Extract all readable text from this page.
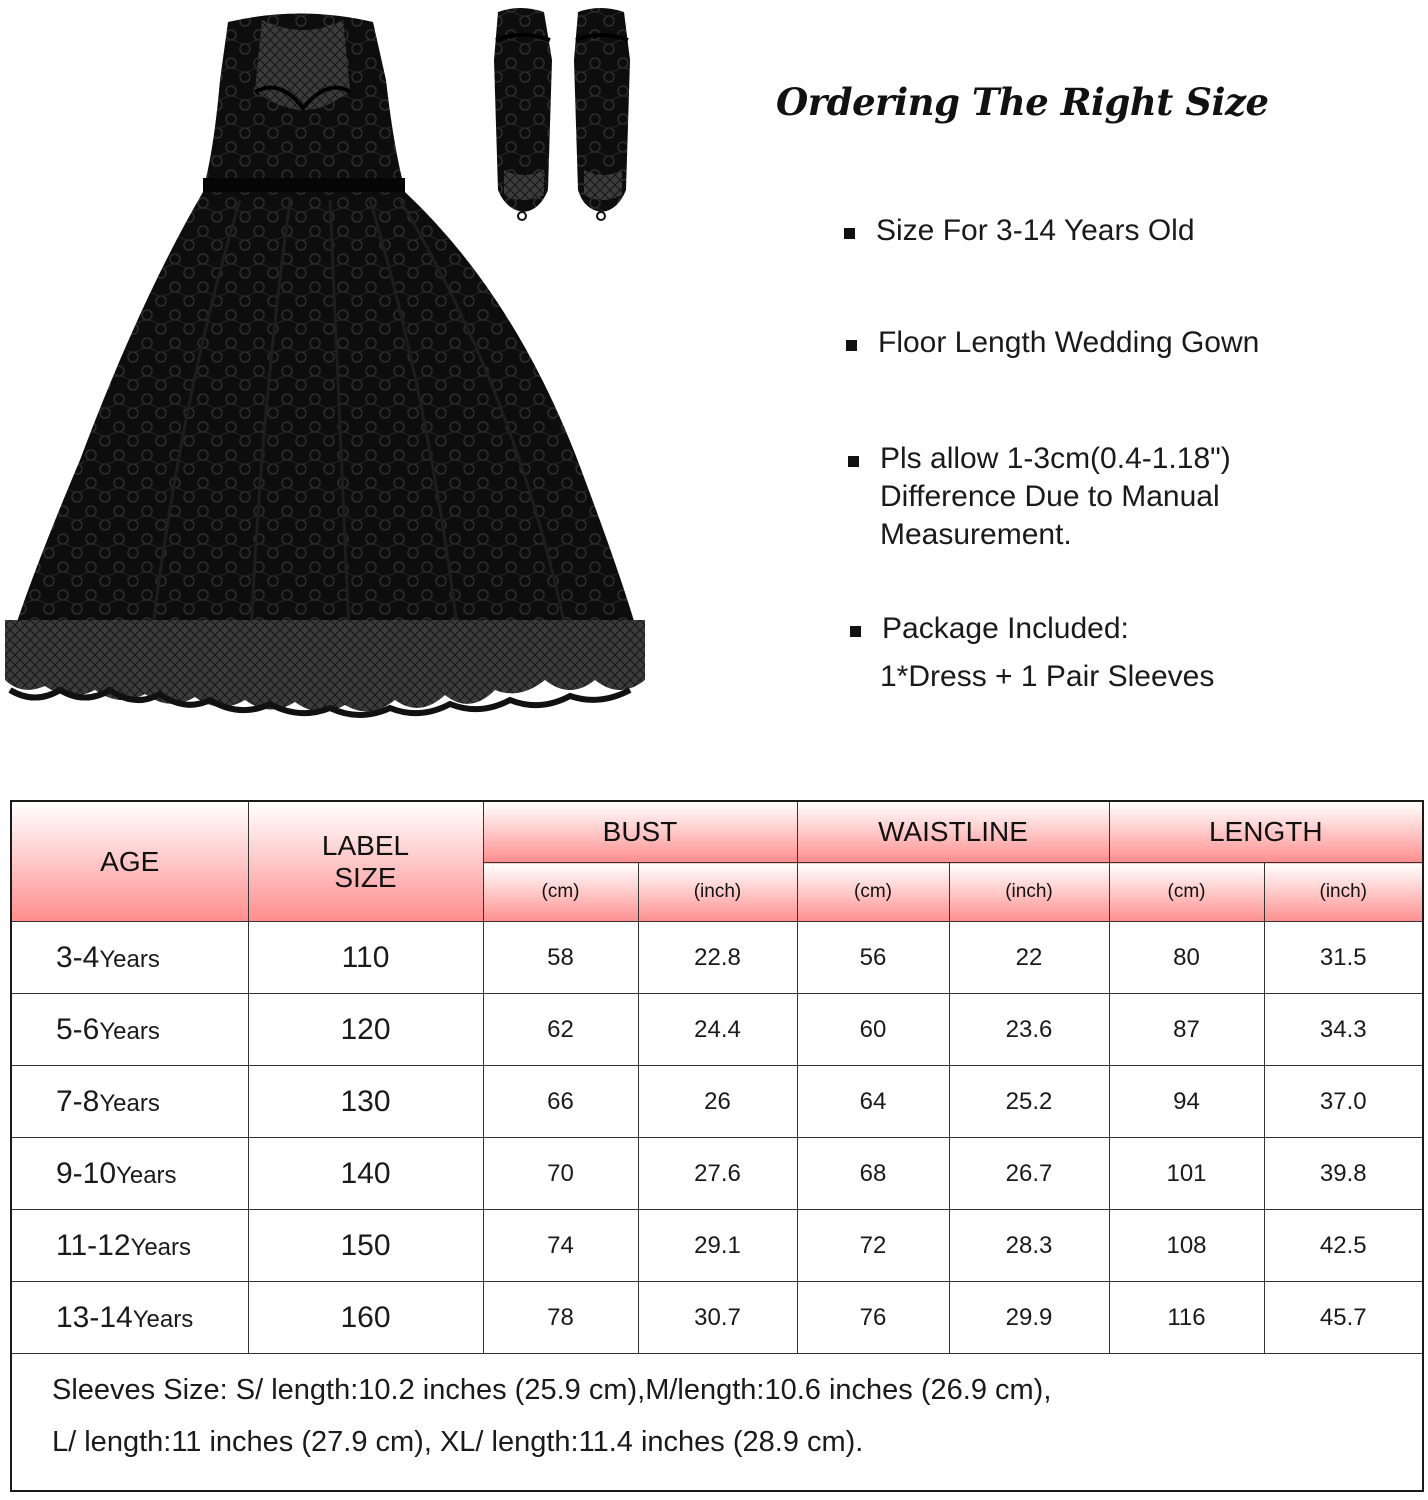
Ordering The Right Size

Size For 3-14 Years Old

Floor Length Wedding Gown

Pls allow 1-3cm(0.4-1.18")

Difference Due to Manual

Measurement.

Package Included:

1*Dress + 1 Pair Sleeves

AGE	LABEL
SIZE	BUST		WAISTLINE		LENGTH	
		(cm)	(inch)	(cm)	(inch)	(cm)	(inch)
3-4Years	110	58	22.8	56	22	80	31.5
5-6Years	120	62	24.4	60	23.6	87	34.3
7-8Years	130	66	26	64	25.2	94	37.0
9-10Years	140	70	27.6	68	26.7	101	39.8
11-12Years	150	74	29.1	72	28.3	108	42.5
13-14Years	160	78	30.7	76	29.9	116	45.7

Sleeves Size: S/ length:10.2 inches (25.9 cm),M/length:10.6 inches (26.9 cm),

L/ length:11 inches (27.9 cm), XL/ length:11.4 inches (28.9 cm).
